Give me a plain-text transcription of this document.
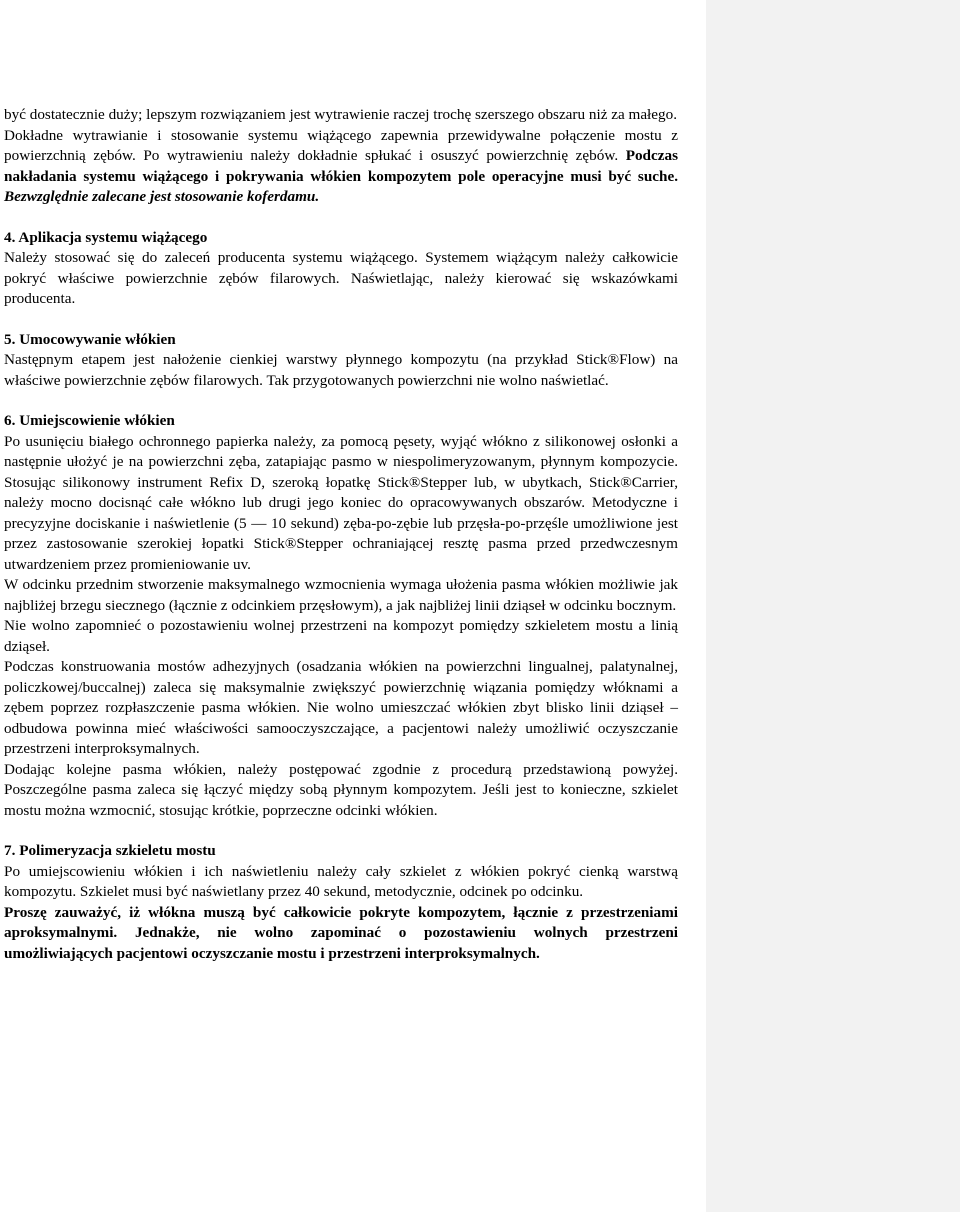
być dostatecznie duży; lepszym rozwiązaniem jest wytrawienie raczej trochę szerszego obszaru niż za małego.

Dokładne wytrawianie i stosowanie systemu wiążącego zapewnia przewidywalne połączenie mostu z powierzchnią zębów. Po wytrawieniu należy dokładnie spłukać i osuszyć powierzchnię zębów. Podczas nakładania systemu wiążącego i pokrywania włókien kompozytem pole operacyjne musi być suche. Bezwzględnie zalecane jest stosowanie koferdamu.

4. Aplikacja systemu wiążącego

Należy stosować się do zaleceń producenta systemu wiążącego. Systemem wiążącym należy całkowicie pokryć właściwe powierzchnie zębów filarowych. Naświetlając, należy kierować się wskazówkami producenta.

5. Umocowywanie włókien

Następnym etapem jest nałożenie cienkiej warstwy płynnego kompozytu (na przykład Stick®Flow) na właściwe powierzchnie zębów filarowych. Tak przygotowanych powierzchni nie wolno naświetlać.

6. Umiejscowienie włókien

Po usunięciu białego ochronnego papierka należy, za pomocą pęsety, wyjąć włókno z silikonowej osłonki a następnie ułożyć je na powierzchni zęba, zatapiając pasmo w niespolimeryzowanym, płynnym kompozycie. Stosując silikonowy instrument Refix D, szeroką łopatkę Stick®Stepper lub, w ubytkach, Stick®Carrier, należy mocno docisnąć całe włókno lub drugi jego koniec do opracowywanych obszarów. Metodyczne i precyzyjne dociskanie i naświetlenie (5 — 10 sekund) zęba-po-zębie lub przęsła-po-przęśle umożliwione jest przez zastosowanie szerokiej łopatki Stick®Stepper ochraniającej resztę pasma przed przedwczesnym utwardzeniem przez promieniowanie uv.

W odcinku przednim stworzenie maksymalnego wzmocnienia wymaga ułożenia pasma włókien możliwie jak najbliżej brzegu siecznego (łącznie z odcinkiem przęsłowym), a jak najbliżej linii dziąseł w odcinku bocznym.

Nie wolno zapomnieć o pozostawieniu wolnej przestrzeni na kompozyt pomiędzy szkieletem mostu a linią dziąseł.

Podczas konstruowania mostów adhezyjnych (osadzania włókien na powierzchni lingualnej, palatynalnej, policzkowej/buccalnej) zaleca się maksymalnie zwiększyć powierzchnię wiązania pomiędzy włóknami a zębem poprzez rozpłaszczenie pasma włókien. Nie wolno umieszczać włókien zbyt blisko linii dziąseł – odbudowa powinna mieć właściwości samooczyszczające, a pacjentowi należy umożliwić oczyszczanie przestrzeni interproksymalnych.

Dodając kolejne pasma włókien, należy postępować zgodnie z procedurą przedstawioną powyżej. Poszczególne pasma zaleca się łączyć między sobą płynnym kompozytem. Jeśli jest to konieczne, szkielet mostu można wzmocnić, stosując krótkie, poprzeczne odcinki włókien.

7. Polimeryzacja szkieletu mostu

Po umiejscowieniu włókien i ich naświetleniu należy cały szkielet z włókien pokryć cienką warstwą kompozytu. Szkielet musi być naświetlany przez 40 sekund, metodycznie, odcinek po odcinku.

Proszę zauważyć, iż włókna muszą być całkowicie pokryte kompozytem, łącznie z przestrzeniami aproksymalnymi. Jednakże, nie wolno zapominać o pozostawieniu wolnych przestrzeni umożliwiających pacjentowi oczyszczanie mostu i przestrzeni interproksymalnych.
